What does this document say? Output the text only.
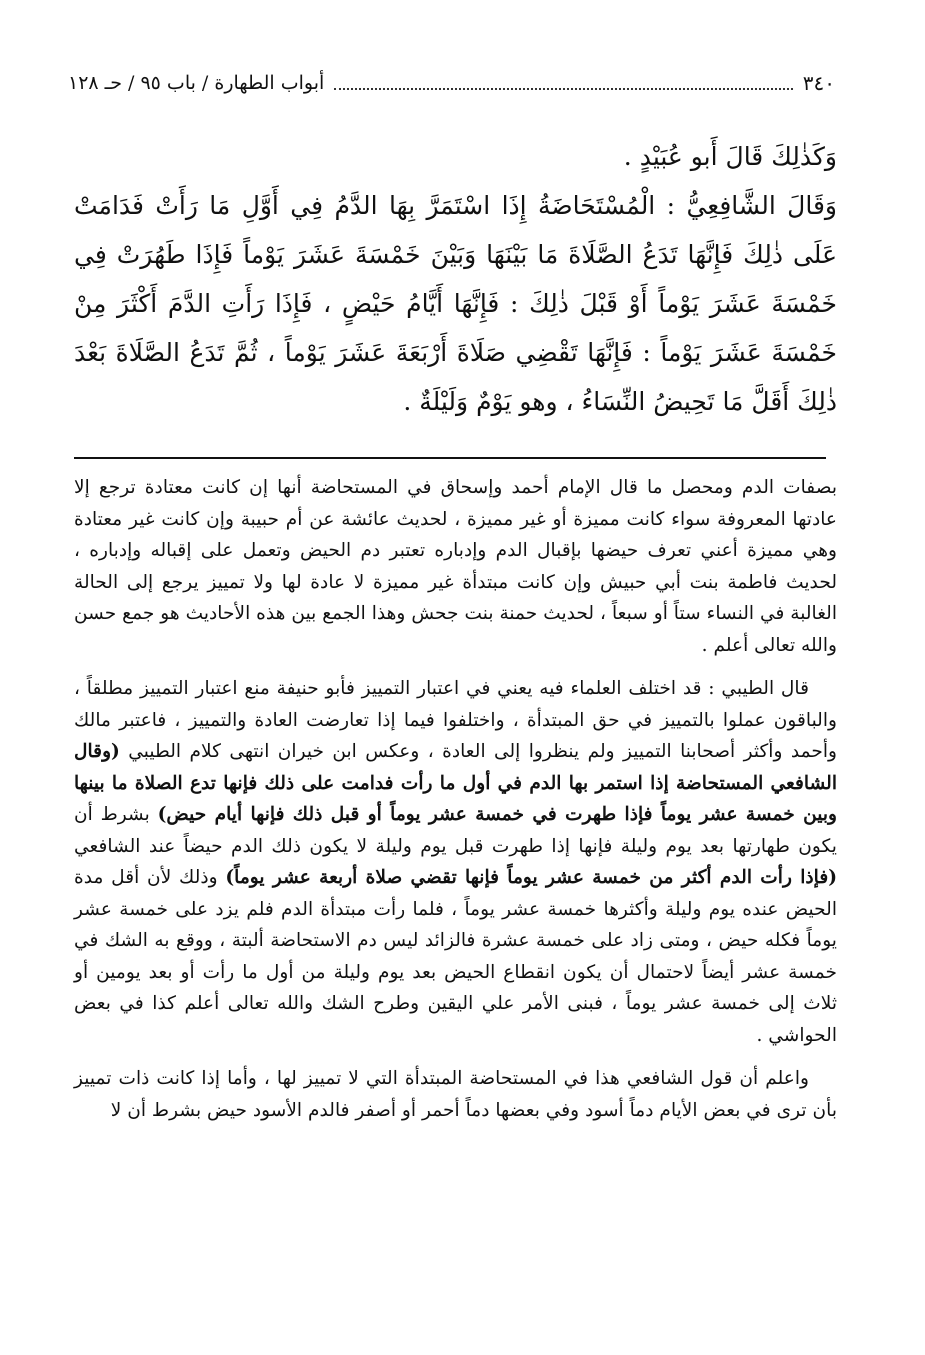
٣٤٠
أبواب الطهارة / باب ٩٥ / حـ ١٢٨

وَكَذٰلِكَ قَالَ أَبو عُبَيْدٍ .

وَقَالَ الشَّافِعِيُّ : الْمُسْتَحَاضَةُ إِذَا اسْتَمَرَّ بِهَا الدَّمُ فِي أَوَّلِ مَا رَأَتْ فَدَامَتْ عَلَى ذٰلِكَ فَإِنَّهَا تَدَعُ الصَّلَاةَ مَا بَيْنَهَا وَبَيْنَ خَمْسَةَ عَشَرَ يَوْماً فَإِذَا طَهُرَتْ فِي خَمْسَةَ عَشَرَ يَوْماً أَوْ قَبْلَ ذٰلِكَ : فَإِنَّهَا أَيَّامُ حَيْضٍ ، فَإِذَا رَأَتِ الدَّمَ أَكْثَرَ مِنْ خَمْسَةَ عَشَرَ يَوْماً : فَإِنَّهَا تَقْضِي صَلَاةَ أَرْبَعَةَ عَشَرَ يَوْماً ، ثُمَّ تَدَعُ الصَّلَاةَ بَعْدَ ذٰلِكَ أَقَلَّ مَا تَحِيضُ النِّسَاءُ ، وهو يَوْمٌ وَلَيْلَةٌ .

بصفات الدم ومحصل ما قال الإمام أحمد وإسحاق في المستحاضة أنها إن كانت معتادة ترجع إلا عادتها المعروفة سواء كانت مميزة أو غير مميزة ، لحديث عائشة عن أم حبيبة وإن كانت غير معتادة وهي مميزة أعني تعرف حيضها بإقبال الدم وإدباره تعتبر دم الحيض وتعمل على إقباله وإدباره ، لحديث فاطمة بنت أبي حبيش وإن كانت مبتدأة غير مميزة لا عادة لها ولا تمييز يرجع إلى الحالة الغالبة في النساء ستاً أو سبعاً ، لحديث حمنة بنت جحش وهذا الجمع بين هذه الأحاديث هو جمع حسن والله تعالى أعلم .

قال الطيبي : قد اختلف العلماء فيه يعني في اعتبار التمييز فأبو حنيفة منع اعتبار التمييز مطلقاً ، والباقون عملوا بالتمييز في حق المبتدأة ، واختلفوا فيما إذا تعارضت العادة والتمييز ، فاعتبر مالك وأحمد وأكثر أصحابنا التمييز ولم ينظروا إلى العادة ، وعكس ابن خيران انتهى كلام الطيبي (وقال الشافعي المستحاضة إذا استمر بها الدم في أول ما رأت فدامت على ذلك فإنها تدع الصلاة ما بينها وبين خمسة عشر يوماً فإذا طهرت في خمسة عشر يوماً أو قبل ذلك فإنها أيام حيض) بشرط أن يكون طهارتها بعد يوم وليلة فإنها إذا طهرت قبل يوم وليلة لا يكون ذلك الدم حيضاً عند الشافعي (فإذا رأت الدم أكثر من خمسة عشر يوماً فإنها تقضي صلاة أربعة عشر يوماً) وذلك لأن أقل مدة الحيض عنده يوم وليلة وأكثرها خمسة عشر يوماً ، فلما رأت مبتدأة الدم فلم يزد على خمسة عشر يوماً فكله حيض ، ومتى زاد على خمسة عشرة فالزائد ليس دم الاستحاضة ألبتة ، ووقع به الشك في خمسة عشر أيضاً لاحتمال أن يكون انقطاع الحيض بعد يوم وليلة من أول ما رأت أو بعد يومين أو ثلاث إلى خمسة عشر يوماً ، فبنى الأمر علي اليقين وطرح الشك والله تعالى أعلم كذا في بعض الحواشي .

واعلم أن قول الشافعي هذا في المستحاضة المبتدأة التي لا تمييز لها ، وأما إذا كانت ذات تمييز بأن ترى في بعض الأيام دماً أسود وفي بعضها دماً أحمر أو أصفر فالدم الأسود حيض بشرط أن لا
